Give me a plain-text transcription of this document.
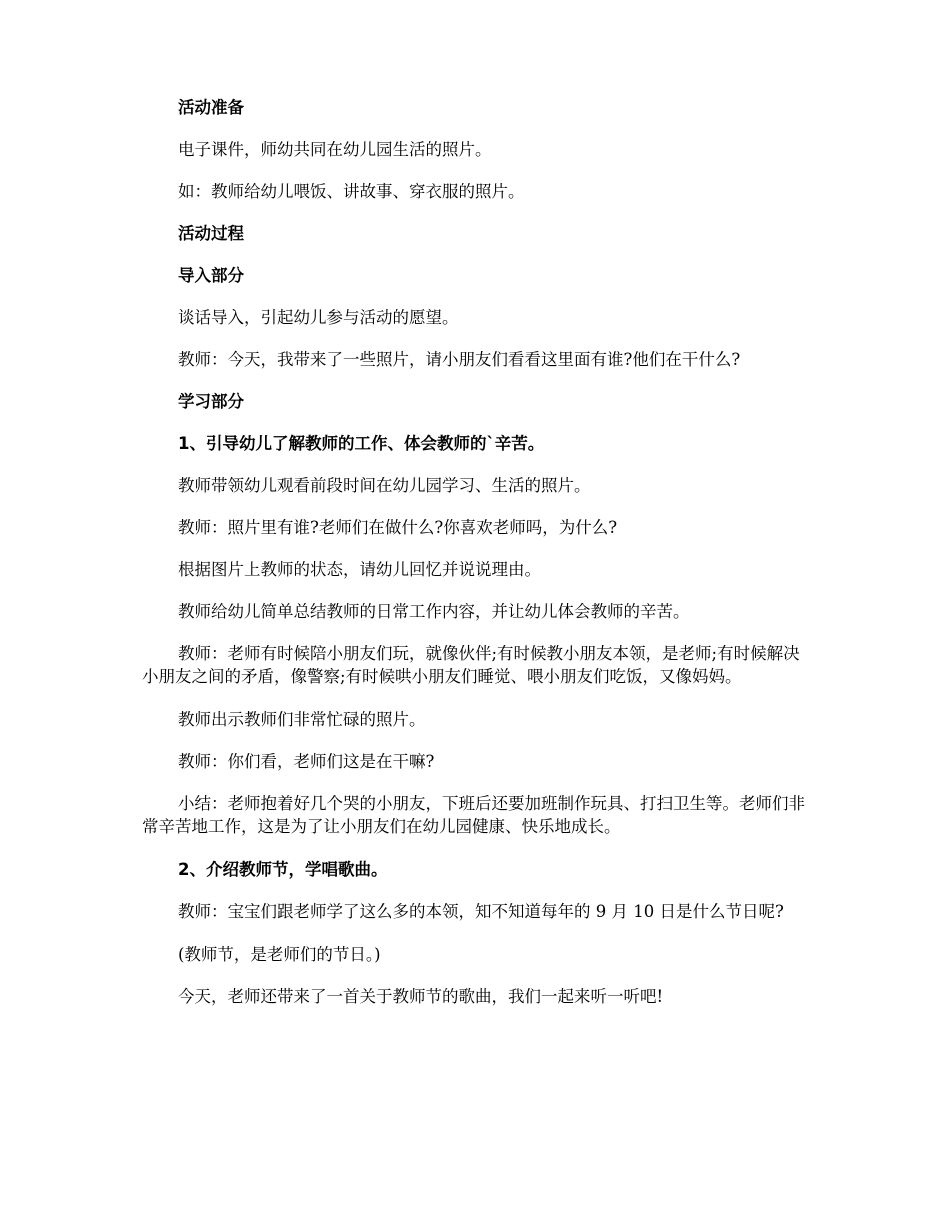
活动准备

电子课件，师幼共同在幼儿园生活的照片。

如：教师给幼儿喂饭、讲故事、穿衣服的照片。

活动过程

导入部分

谈话导入，引起幼儿参与活动的愿望。

教师：今天，我带来了一些照片，请小朋友们看看这里面有谁?他们在干什么?

学习部分

1、引导幼儿了解教师的工作、体会教师的`辛苦。

教师带领幼儿观看前段时间在幼儿园学习、生活的照片。

教师：照片里有谁?老师们在做什么?你喜欢老师吗，为什么?

根据图片上教师的状态，请幼儿回忆并说说理由。

教师给幼儿简单总结教师的日常工作内容，并让幼儿体会教师的辛苦。

教师：老师有时候陪小朋友们玩，就像伙伴;有时候教小朋友本领，是老师;有时候解决小朋友之间的矛盾，像警察;有时候哄小朋友们睡觉、喂小朋友们吃饭，又像妈妈。

教师出示教师们非常忙碌的照片。

教师：你们看，老师们这是在干嘛?

小结：老师抱着好几个哭的小朋友，下班后还要加班制作玩具、打扫卫生等。老师们非常辛苦地工作，这是为了让小朋友们在幼儿园健康、快乐地成长。

2、介绍教师节，学唱歌曲。

教师：宝宝们跟老师学了这么多的本领，知不知道每年的 9 月 10 日是什么节日呢?

(教师节，是老师们的节日。)

今天，老师还带来了一首关于教师节的歌曲，我们一起来听一听吧!
